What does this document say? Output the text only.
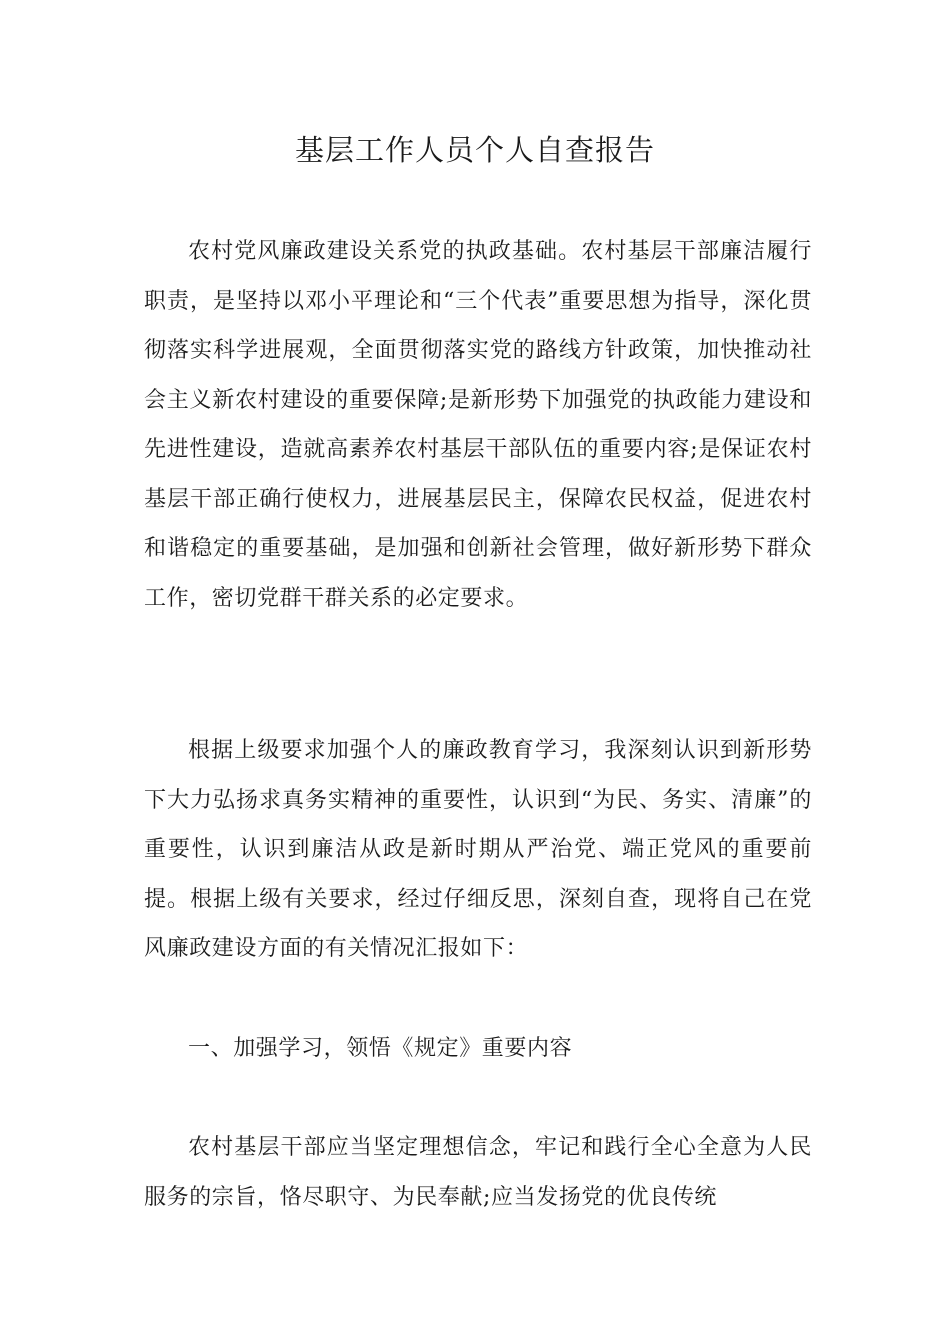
基层工作人员个人自查报告

农村党风廉政建设关系党的执政基础。农村基层干部廉洁履行职责，是坚持以邓小平理论和“三个代表”重要思想为指导，深化贯彻落实科学进展观，全面贯彻落实党的路线方针政策，加快推动社会主义新农村建设的重要保障;是新形势下加强党的执政能力建设和先进性建设，造就高素养农村基层干部队伍的重要内容;是保证农村基层干部正确行使权力，进展基层民主，保障农民权益，促进农村和谐稳定的重要基础，是加强和创新社会管理，做好新形势下群众工作，密切党群干群关系的必定要求。

根据上级要求加强个人的廉政教育学习，我深刻认识到新形势下大力弘扬求真务实精神的重要性，认识到“为民、务实、清廉”的重要性，认识到廉洁从政是新时期从严治党、端正党风的重要前提。根据上级有关要求，经过仔细反思，深刻自查，现将自己在党风廉政建设方面的有关情况汇报如下：

一、加强学习，领悟《规定》重要内容

农村基层干部应当坚定理想信念，牢记和践行全心全意为人民服务的宗旨，恪尽职守、为民奉献;应当发扬党的优良传统
